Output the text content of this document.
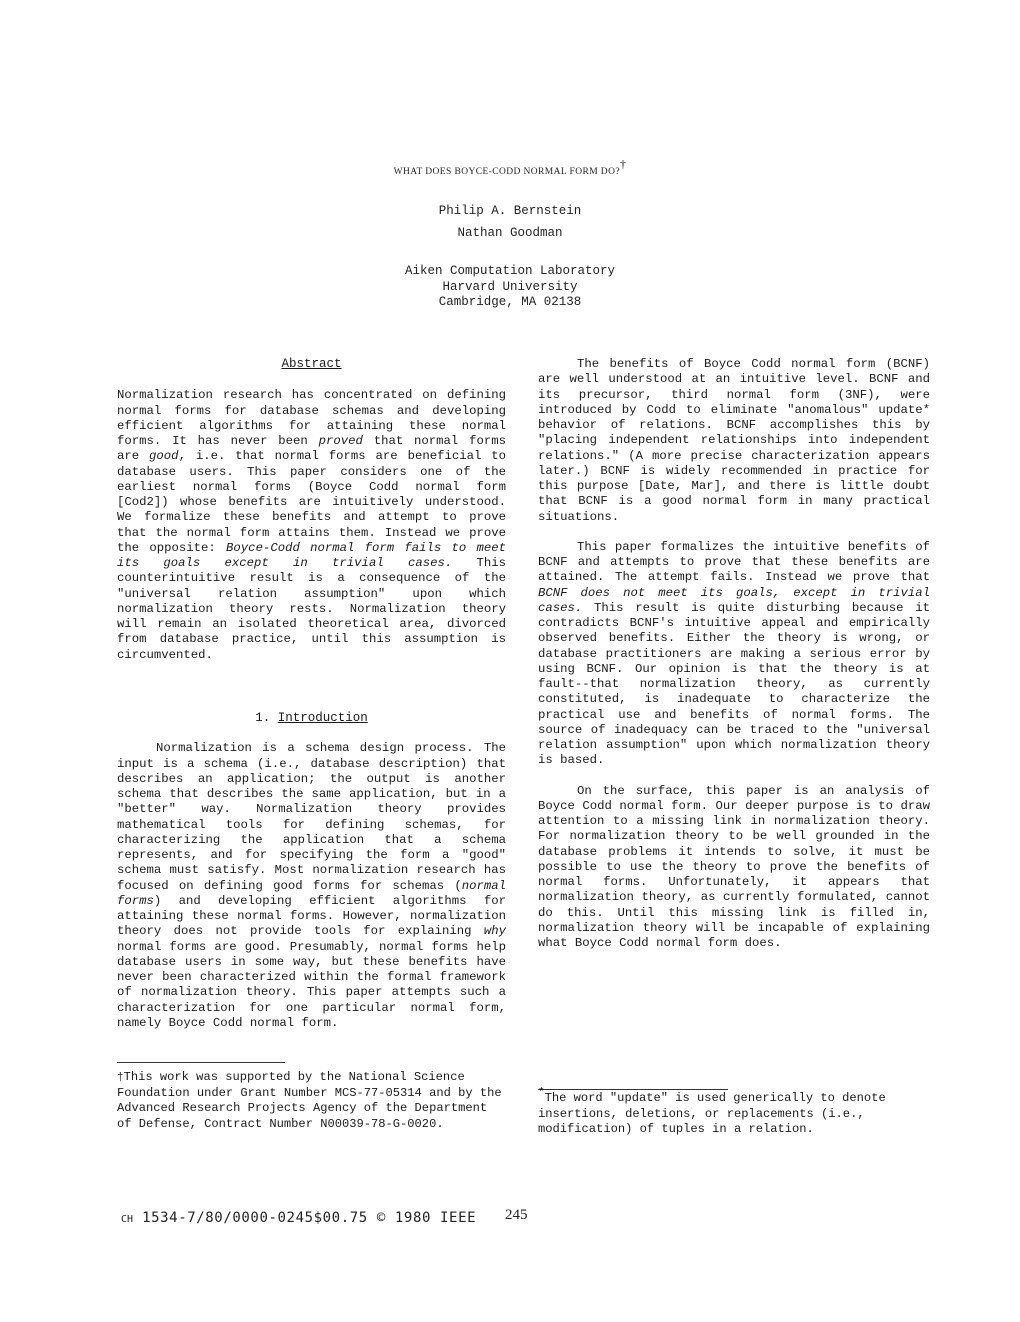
WHAT DOES BOYCE-CODD NORMAL FORM DO?†
Philip A. Bernstein
Nathan Goodman
Aiken Computation Laboratory
Harvard University
Cambridge, MA 02138
Abstract

Normalization research has concentrated on defining normal forms for database schemas and developing efficient algorithms for attaining these normal forms. It has never been proved that normal forms are good, i.e. that normal forms are beneficial to database users. This paper considers one of the earliest normal forms (Boyce Codd normal form [Cod2]) whose benefits are intuitively understood. We formalize these benefits and attempt to prove that the normal form attains them. Instead we prove the opposite: Boyce-Codd normal form fails to meet its goals except in trivial cases. This counterintuitive result is a consequence of the "universal relation assumption" upon which normalization theory rests. Normalization theory will remain an isolated theoretical area, divorced from database practice, until this assumption is circumvented.

1. Introduction

Normalization is a schema design process. The input is a schema (i.e., database description) that describes an application; the output is another schema that describes the same application, but in a "better" way. Normalization theory provides mathematical tools for defining schemas, for characterizing the application that a schema represents, and for specifying the form a "good" schema must satisfy. Most normalization research has focused on defining good forms for schemas (normal forms) and developing efficient algorithms for attaining these normal forms. However, normalization theory does not provide tools for explaining why normal forms are good. Presumably, normal forms help database users in some way, but these benefits have never been characterized within the formal framework of normalization theory. This paper attempts such a characterization for one particular normal form, namely Boyce Codd normal form.

The benefits of Boyce Codd normal form (BCNF) are well understood at an intuitive level. BCNF and its precursor, third normal form (3NF), were introduced by Codd to eliminate "anomalous" update* behavior of relations. BCNF accomplishes this by "placing independent relationships into independent relations." (A more precise characterization appears later.) BCNF is widely recommended in practice for this purpose [Date, Mar], and there is little doubt that BCNF is a good normal form in many practical situations.

This paper formalizes the intuitive benefits of BCNF and attempts to prove that these benefits are attained. The attempt fails. Instead we prove that BCNF does not meet its goals, except in trivial cases. This result is quite disturbing because it contradicts BCNF's intuitive appeal and empirically observed benefits. Either the theory is wrong, or database practitioners are making a serious error by using BCNF. Our opinion is that the theory is at fault--that normalization theory, as currently constituted, is inadequate to characterize the practical use and benefits of normal forms. The source of inadequacy can be traced to the "universal relation assumption" upon which normalization theory is based.

On the surface, this paper is an analysis of Boyce Codd normal form. Our deeper purpose is to draw attention to a missing link in normalization theory. For normalization theory to be well grounded in the database problems it intends to solve, it must be possible to use the theory to prove the benefits of normal forms. Unfortunately, it appears that normalization theory, as currently formulated, cannot do this. Until this missing link is filled in, normalization theory will be incapable of explaining what Boyce Codd normal form does.

†This work was supported by the National Science Foundation under Grant Number MCS-77-05314 and by the Advanced Research Projects Agency of the Department of Defense, Contract Number N00039-78-G-0020.

*The word "update" is used generically to denote insertions, deletions, or replacements (i.e., modification) of tuples in a relation.

CH 1534-7/80/0000-0245$00.75 © 1980 IEEE 245
